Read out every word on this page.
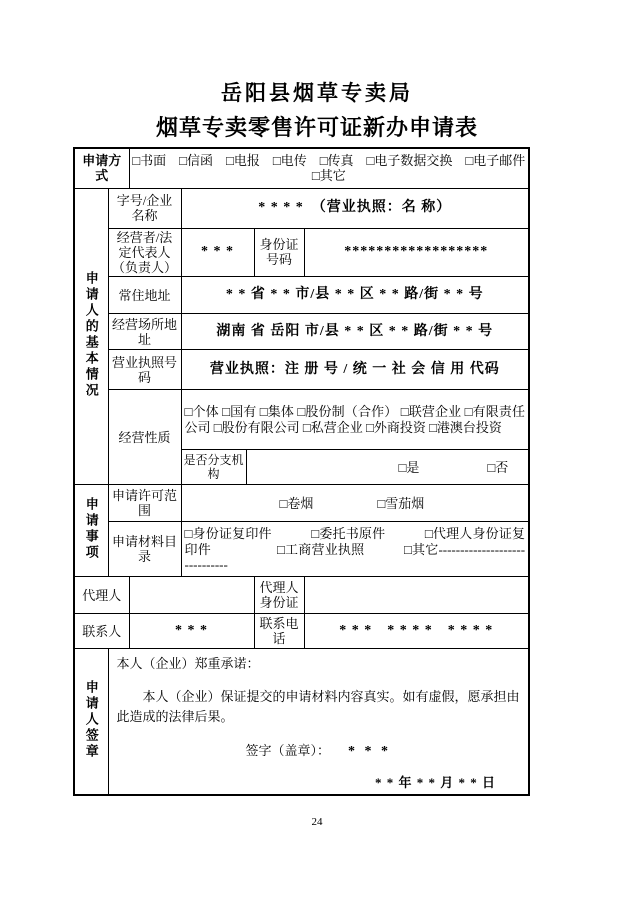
岳阳县烟草专卖局
烟草专卖零售许可证新办申请表
申请方式		□书面　□信函　□电报　□电传　□传真　□电子数据交换　□电子邮件　□其它				
申请人的基本情况	字号/企业名称		* * * *　（营业执照：名 称）			
	经营者/法定代表人（负责人）		* * *		身份证号码	******************
	常住地址		* * 省 * * 市/县 * * 区 * * 路/街 * * 号			
	经营场所地址		湖南 省 岳阳 市/县 * * 区 * * 路/街 * * 号			
	营业执照号码		营业执照：注 册 号 / 统 一 社 会 信 用 代码			
	经营性质		□个体 □国有 □集体 □股份制（合作） □联营企业 □有限责任公司 □股份有限公司 □私营企业 □外商投资 □港澳台投资			
			是否分支机构	□是 □否		

申请事项	申请许可范围		□卷烟 □雪茄烟			

	申请材料目录		□身份证复印件　　　□委托书原件　　　□代理人身份证复印件　　　　　□工商营业执照　　　□其它------------------------------			
代理人					代理人身份证	
联系人		* * *			联系电话	* * *　* * * *　* * * *
申请人签章	本人（企业）郑重承诺：
本人（企业）保证提交的申请材料内容真实。如有虚假，愿承担由此造成的法律后果。
签字（盖章）： * * *
* * 年 * * 月 * * 日					
24
